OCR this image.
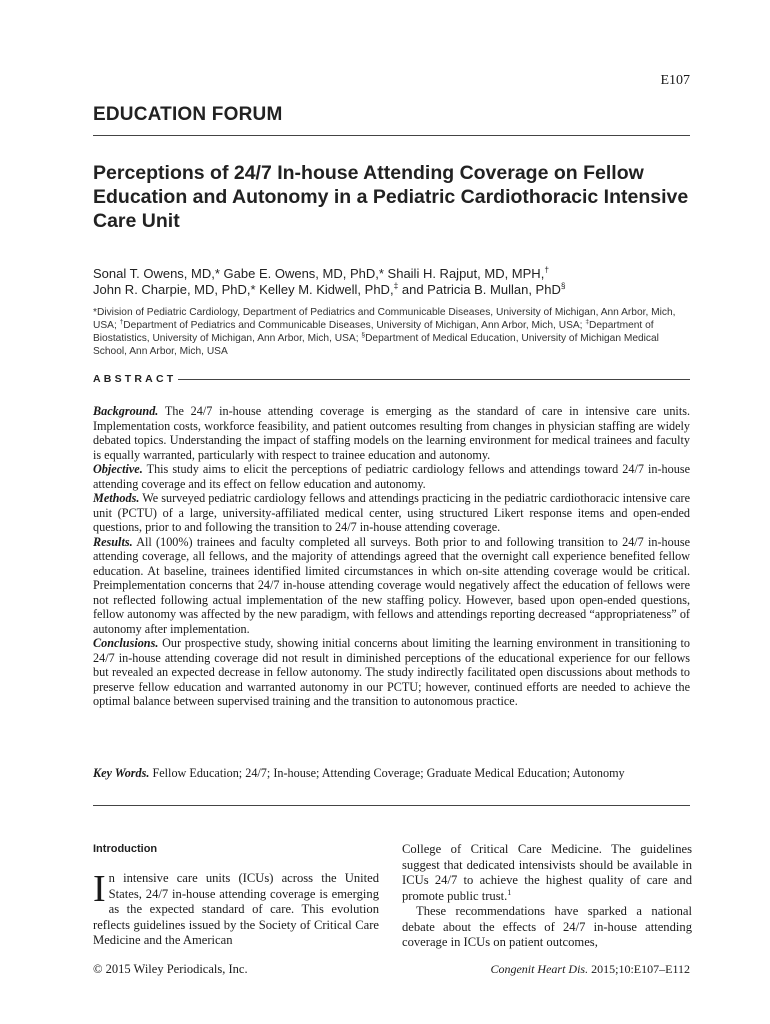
E107
EDUCATION FORUM
Perceptions of 24/7 In-house Attending Coverage on Fellow Education and Autonomy in a Pediatric Cardiothoracic Intensive Care Unit
Sonal T. Owens, MD,* Gabe E. Owens, MD, PhD,* Shaili H. Rajput, MD, MPH,†
John R. Charpie, MD, PhD,* Kelley M. Kidwell, PhD,‡ and Patricia B. Mullan, PhD§
*Division of Pediatric Cardiology, Department of Pediatrics and Communicable Diseases, University of Michigan, Ann Arbor, Mich, USA; †Department of Pediatrics and Communicable Diseases, University of Michigan, Ann Arbor, Mich, USA; ‡Department of Biostatistics, University of Michigan, Ann Arbor, Mich, USA; §Department of Medical Education, University of Michigan Medical School, Ann Arbor, Mich, USA
ABSTRACT

Background. The 24/7 in-house attending coverage is emerging as the standard of care in intensive care units. Implementation costs, workforce feasibility, and patient outcomes resulting from changes in physician staffing are widely debated topics. Understanding the impact of staffing models on the learning environment for medical trainees and faculty is equally warranted, particularly with respect to trainee education and autonomy.

Objective. This study aims to elicit the perceptions of pediatric cardiology fellows and attendings toward 24/7 in-house attending coverage and its effect on fellow education and autonomy.

Methods. We surveyed pediatric cardiology fellows and attendings practicing in the pediatric cardiothoracic intensive care unit (PCTU) of a large, university-affiliated medical center, using structured Likert response items and open-ended questions, prior to and following the transition to 24/7 in-house attending coverage.

Results. All (100%) trainees and faculty completed all surveys. Both prior to and following transition to 24/7 in-house attending coverage, all fellows, and the majority of attendings agreed that the overnight call experience benefited fellow education. At baseline, trainees identified limited circumstances in which on-site attending coverage would be critical. Preimplementation concerns that 24/7 in-house attending coverage would negatively affect the education of fellows were not reflected following actual implementation of the new staffing policy. However, based upon open-ended questions, fellow autonomy was affected by the new paradigm, with fellows and attendings reporting decreased “appropriateness” of autonomy after implementation.

Conclusions. Our prospective study, showing initial concerns about limiting the learning environment in transitioning to 24/7 in-house attending coverage did not result in diminished perceptions of the educational experience for our fellows but revealed an expected decrease in fellow autonomy. The study indirectly facilitated open discussions about methods to preserve fellow education and warranted autonomy in our PCTU; however, continued efforts are needed to achieve the optimal balance between supervised training and the transition to autonomous practice.

Key Words. Fellow Education; 24/7; In-house; Attending Coverage; Graduate Medical Education; Autonomy
Introduction
In intensive care units (ICUs) across the United States, 24/7 in-house attending coverage is emerging as the expected standard of care. This evolution reflects guidelines issued by the Society of Critical Care Medicine and the American

College of Critical Care Medicine. The guidelines suggest that dedicated intensivists should be available in ICUs 24/7 to achieve the highest quality of care and promote public trust.$^1$

These recommendations have sparked a national debate about the effects of 24/7 in-house attending coverage in ICUs on patient outcomes,

© 2015 Wiley Periodicals, Inc.	Congenit Heart Dis. 2015;10:E107–E112
